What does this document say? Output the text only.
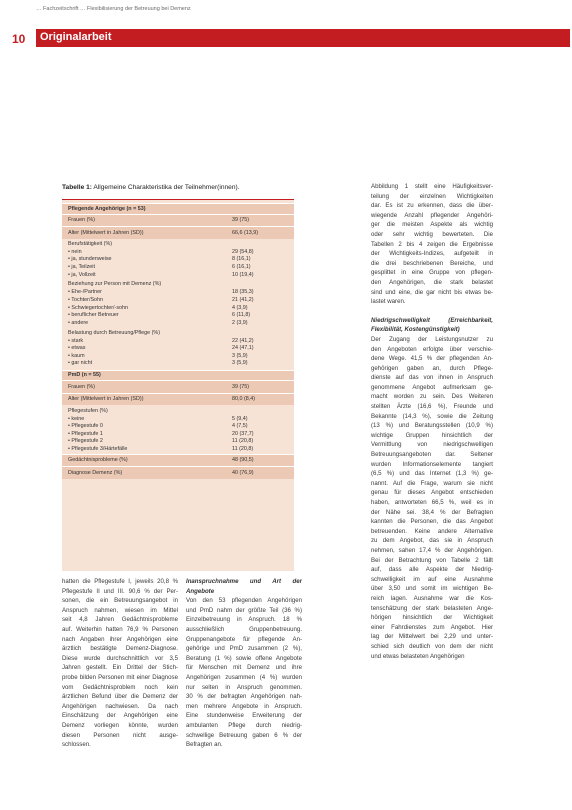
… Fachzeitschrift … Flexibilisierung der Betreuung bei Demenz
10 Originalarbeit
Tabelle 1: Allgemeine Charakteristika der Teilnehmer(innen).
Pflegende Angehörige (n = 53)
Frauen (%)	39 (75)
Alter (Mittelwert in Jahren (SD))	66,6 (13,9)
Berufstätigkeit (%)
• nein	29 (54,8)
• ja, stundenweise	8 (16,1)
• ja, Teilzeit	6 (16,1)
• ja, Vollzeit	10 (19,4)
Beziehung zur Person mit Demenz (%)
• Ehe-/Partner	18 (35,3)
• Tochter/Sohn	21 (41,2)
• Schwiegertochter/-sohn	4 (3,9)
• beruflicher Betreuer	6 (11,8)
• andere	2 (3,9)
Belastung durch Betreuung/Pflege (%)
• stark	22 (41,2)
• etwas	24 (47,1)
• kaum	3 (5,9)
• gar nicht	3 (5,9)
PmD (n = 55)
Frauen (%)	39 (75)
Alter (Mittelwert in Jahren (SD))	80,0 (8,4)
Pflegestufen (%)
• keine	5 (9,4)
• Pflegestufe 0	4 (7,5)
• Pflegestufe 1	20 (37,7)
• Pflegestufe 2	11 (20,8)
• Pflegestufe 3/Härtefälle	11 (20,8)
Gedächtnisprobleme (%)	48 (90,5)
Diagnose Demenz (%)	40 (76,9)
hatten die Pflegestufe I, jeweils 20,8 %
Pflegestufe II und III. 90,6 % der Per-
sonen, die ein Betreuungsangebot in
Anspruch nahmen, wiesen im Mittel
seit 4,8 Jahren Gedächtnisprobleme
auf. Weiterhin hatten 76,9 % Personen
nach Angaben ihrer Angehörigen eine
ärztlich bestätigte Demenz-Diagnose.
Diese wurde durchschnittlich vor 3,5
Jahren gestellt. Ein Drittel der Stich-
probe bilden Personen mit einer Diagnose
vom Gedächtnisproblem noch kein
ärztlichen Befund über die Demenz der
Angehörigen nachwiesen. Da nach
Einschätzung der Angehörigen eine
Demenz vorliegen könnte, wurden
diesen Personen nicht ausge-
schlossen.
Inanspruchnahme und Art der Angebote
Von den 53 pflegenden Angehörigen
und PmD nahm der größte Teil (36 %)
Einzelbetreuung in Anspruch. 18 %
ausschließlich Gruppenbetreuung.
Gruppenangebote für pflegende An-
gehörige und PmD zusammen (2 %),
Beratung (1 %) sowie offene Angebote
für Menschen mit Demenz und ihre
Angehörigen zusammen (4 %) wurden
nur selten in Anspruch genommen.
30 % der befragten Angehörigen nah-
men mehrere Angebote in Anspruch.
Eine stundenweise Erweiterung der
ambulanten Pflege durch niedrig-
schwellige Betreuung gaben 6 % der
Befragten an.
Abbildung 1 stellt eine Häufigkeitsver-
teilung der einzelnen Wichtigkeiten
dar. Es ist zu erkennen, dass die über-
wiegende Anzahl pflegender Angehöri-
ger die meisten Aspekte als wichtig
oder sehr wichtig bewerteten. Die
Tabellen 2 bis 4 zeigen die Ergebnisse
der Wichtigkeits-Indizes, aufgeteilt in
die drei beschriebenen Bereiche, und
gesplittet in eine Gruppe von pflegen-
den Angehörigen, die stark belastet
sind und eine, die gar nicht bis etwas be-
lastet waren.
Niedrigschwelligkeit (Erreichbarkeit, Flexibilität, Kostengünstigkeit)
Der Zugang der Leistungsnutzer zu
den Angeboten erfolgte über verschie-
dene Wege. 41,5 % der pflegenden An-
gehörigen gaben an, durch Pflege-
dienste auf das von ihnen in Anspruch
genommene Angebot aufmerksam ge-
macht worden zu sein. Des Weiteren
stellten Ärzte (16,6 %), Freunde und
Bekannte (14,3 %), sowie die Zeitung
(13 %) und Beratungsstellen (10,9 %)
wichtige Gruppen hinsichtlich der
Vermittlung von niedrigschwelligen
Betreuungsangeboten dar. Seltener
wurden Informationselemente tangiert
(6,5 %) und das Internet (1,3 %) ge-
nannt. Auf die Frage, warum sie nicht
genau für dieses Angebot entschieden
haben, antworteten 66,5 %, weil es in
der Nähe sei. 38,4 % der Befragten
kannten die Personen, die das Angebot
betreuenden. Keine andere Alternative
zu dem Angebot, das sie in Anspruch
nehmen, sahen 17,4 % der Angehörigen.
Bei der Betrachtung von Tabelle 2 fällt
auf, dass alle Aspekte der Niedrig-
schwelligkeit im auf eine Ausnahme
über 3,50 und somit im wichtigen Be-
reich lagen. Ausnahme war die Kos-
tenschätzung der stark belasteten Ange-
hörigen hinsichtlich der Wichtigkeit
einer Fahrdienstes zum Angebot. Hier
lag der Mittelwert bei 2,29 und unter-
schied sich deutlich von dem der nicht
und etwas belasteten Angehörigen
